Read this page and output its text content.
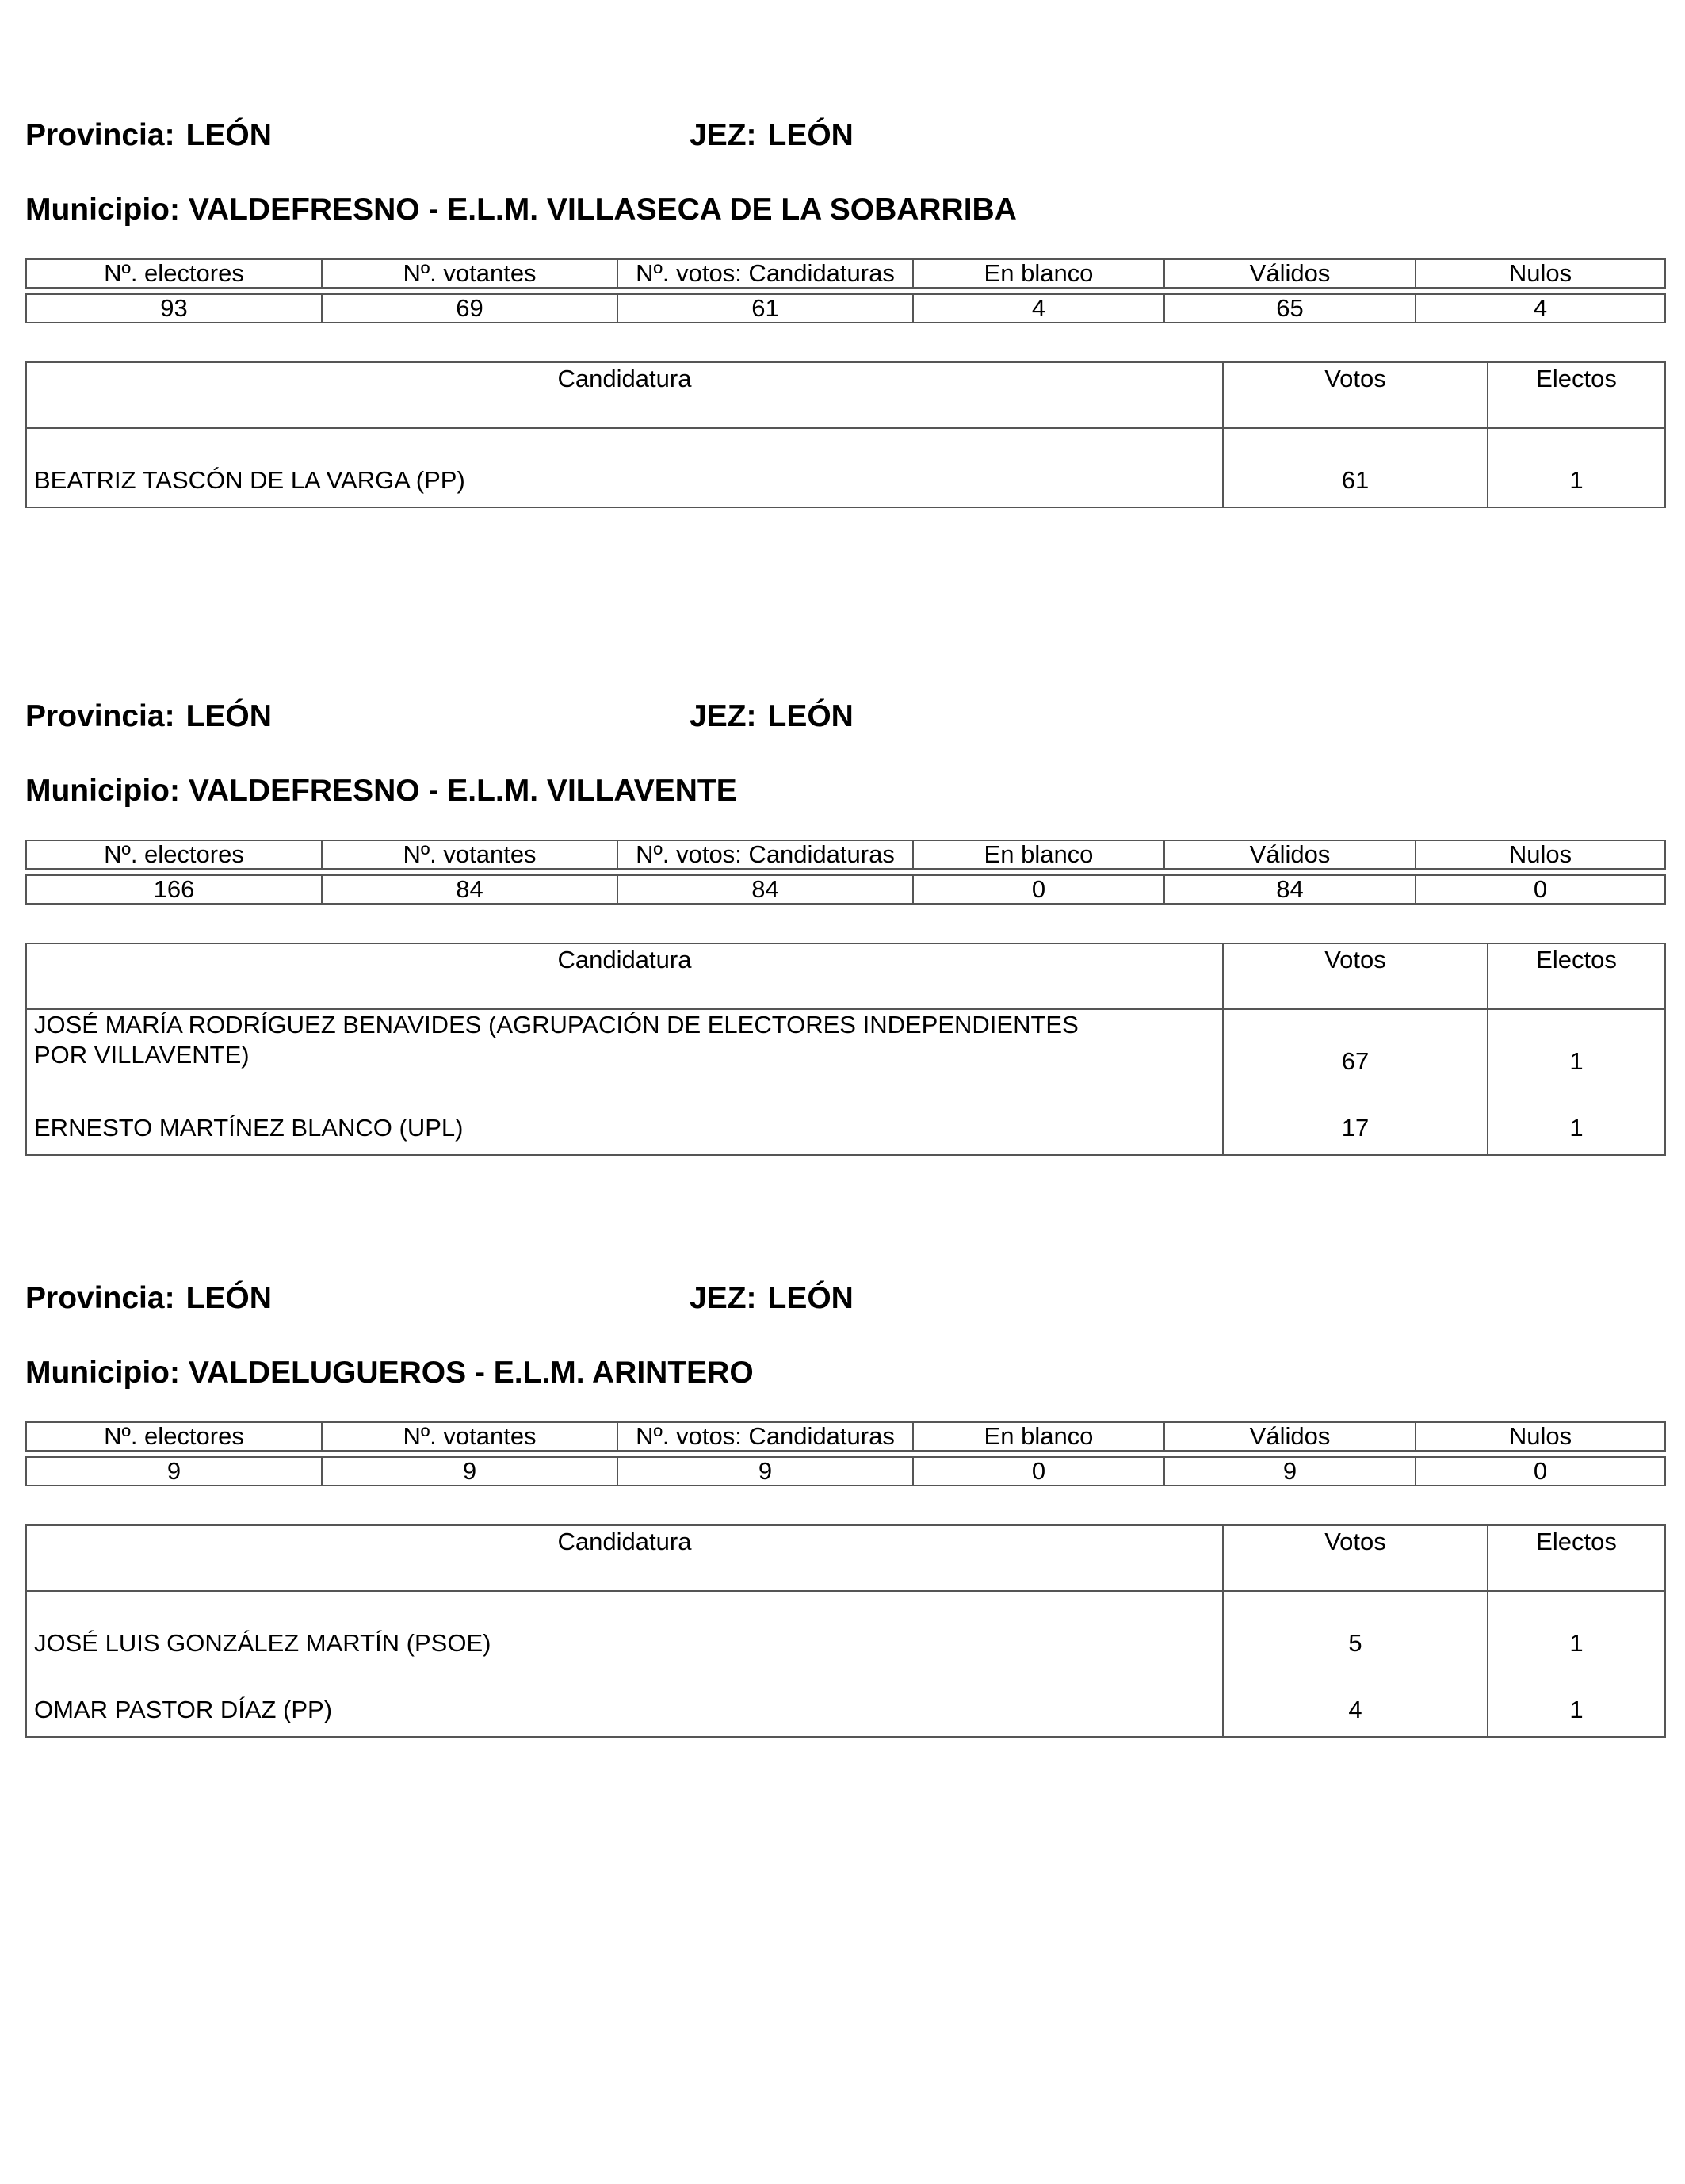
Provincia: LEÓN	JEZ: LEÓN
Municipio: VALDEFRESNO - E.L.M. VILLASECA DE LA SOBARRIBA
Nº. electores	Nº. votantes	Nº. votos: Candidaturas	En blanco	Válidos	Nulos

93	69	61	4	65	4
Candidatura	Votos	Electos
BEATRIZ TASCÓN DE LA VARGA (PP)	61	1
Provincia: LEÓN	JEZ: LEÓN
Municipio: VALDEFRESNO - E.L.M. VILLAVENTE
Nº. electores	Nº. votantes	Nº. votos: Candidaturas	En blanco	Válidos	Nulos

166	84	84	0	84	0
Candidatura	Votos	Electos

JOSÉ MARÍA RODRÍGUEZ BENAVIDES (AGRUPACIÓN DE ELECTORES INDEPENDIENTES
POR VILLAVENTE)	67	1
ERNESTO MARTÍNEZ BLANCO (UPL)	17	1
Provincia: LEÓN	JEZ: LEÓN
Municipio: VALDELUGUEROS - E.L.M. ARINTERO
Nº. electores	Nº. votantes	Nº. votos: Candidaturas	En blanco	Válidos	Nulos

9	9	9	0	9	0
Candidatura	Votos	Electos
JOSÉ LUIS GONZÁLEZ MARTÍN (PSOE)	5	1
OMAR PASTOR DÍAZ (PP)	4	1
